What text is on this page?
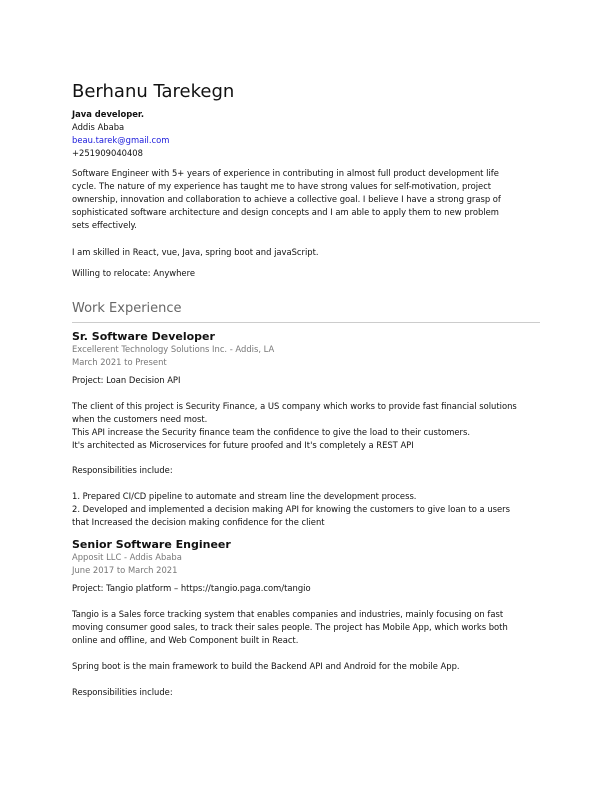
Berhanu Tarekegn
Java developer.
Addis Ababa
beau.tarek@gmail.com
+251909040408
Software Engineer with 5+ years of experience in contributing in almost full product development life
cycle. The nature of my experience has taught me to have strong values for self-motivation, project
ownership, innovation and collaboration to achieve a collective goal. I believe I have a strong grasp of
sophisticated software architecture and design concepts and I am able to apply them to new problem
sets effectively.
I am skilled in React, vue, Java, spring boot and javaScript.
Willing to relocate: Anywhere
Work Experience
Sr. Software Developer
Excellerent Technology Solutions Inc. - Addis, LA
March 2021 to Present
Project: Loan Decision API
The client of this project is Security Finance, a US company which works to provide fast financial solutions
when the customers need most.
This API increase the Security finance team the confidence to give the load to their customers.
It's architected as Microservices for future proofed and It's completely a REST API
Responsibilities include:
1. Prepared CI/CD pipeline to automate and stream line the development process.
2. Developed and implemented a decision making API for knowing the customers to give loan to a users
that Increased the decision making confidence for the client
Senior Software Engineer
Apposit LLC - Addis Ababa
June 2017 to March 2021
Project: Tangio platform – https://tangio.paga.com/tangio
Tangio is a Sales force tracking system that enables companies and industries, mainly focusing on fast
moving consumer good sales, to track their sales people. The project has Mobile App, which works both
online and offline, and Web Component built in React.
Spring boot is the main framework to build the Backend API and Android for the mobile App.
Responsibilities include:
